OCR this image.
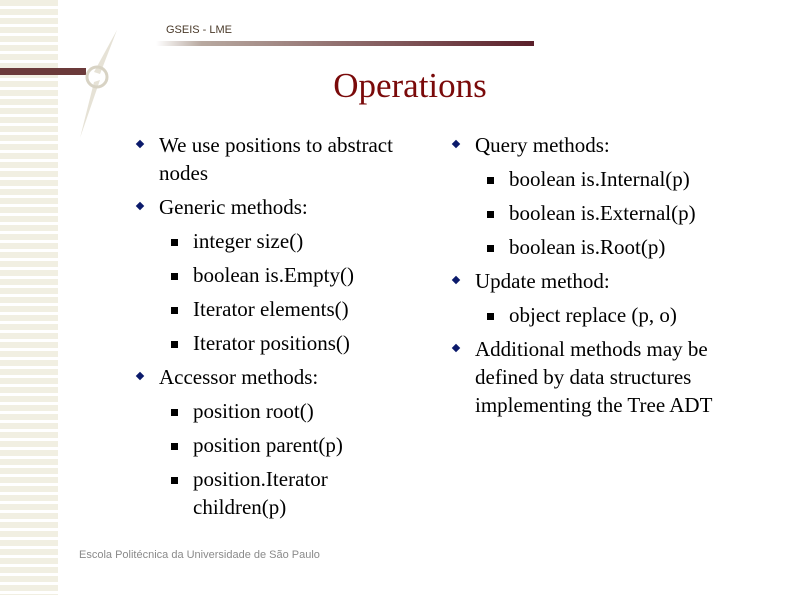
GSEIS - LME
Operations
We use positions to abstract nodes
Generic methods:
integer size()
boolean is.Empty()
Iterator elements()
Iterator positions()
Accessor methods:
position root()
position parent(p)
position.Iterator children(p)
Query methods:
boolean is.Internal(p)
boolean is.External(p)
boolean is.Root(p)
Update method:
object replace (p, o)
Additional methods may be defined by data structures implementing the Tree ADT
Escola Politécnica da Universidade de São Paulo
